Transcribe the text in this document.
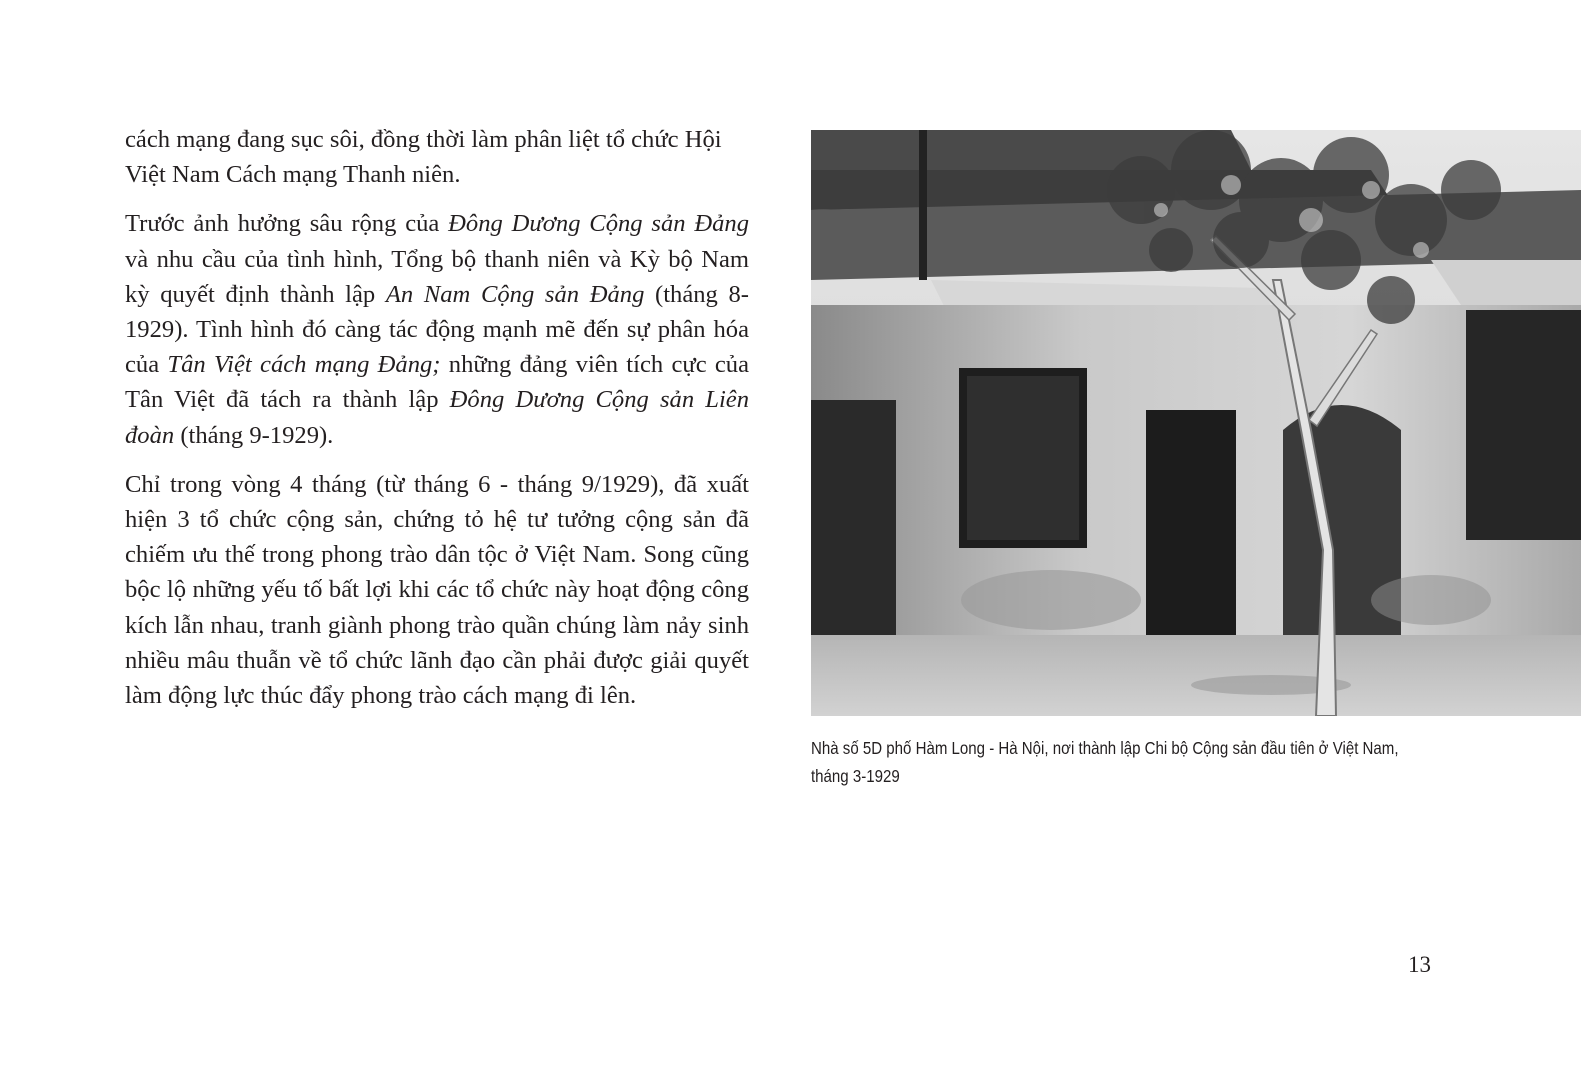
cách mạng đang sục sôi, đồng thời làm phân liệt tổ chức Hội Việt Nam Cách mạng Thanh niên.

Trước ảnh hưởng sâu rộng của Đông Dương Cộng sản Đảng và nhu cầu của tình hình, Tổng bộ thanh niên và Kỳ bộ Nam kỳ quyết định thành lập An Nam Cộng sản Đảng (tháng 8-1929). Tình hình đó càng tác động mạnh mẽ đến sự phân hóa của Tân Việt cách mạng Đảng; những đảng viên tích cực của Tân Việt đã tách ra thành lập Đông Dương Cộng sản Liên đoàn (tháng 9-1929).

Chỉ trong vòng 4 tháng (từ tháng 6 - tháng 9/1929), đã xuất hiện 3 tổ chức cộng sản, chứng tỏ hệ tư tưởng cộng sản đã chiếm ưu thế trong phong trào dân tộc ở Việt Nam. Song cũng bộc lộ những yếu tố bất lợi khi các tổ chức này hoạt động công kích lẫn nhau, tranh giành phong trào quần chúng làm nảy sinh nhiều mâu thuẫn về tổ chức lãnh đạo cần phải được giải quyết làm động lực thúc đẩy phong trào cách mạng đi lên.

Nhà số 5D phố Hàm Long - Hà Nội, nơi thành lập Chi bộ Cộng sản đầu tiên ở Việt Nam,
tháng 3-1929
13
